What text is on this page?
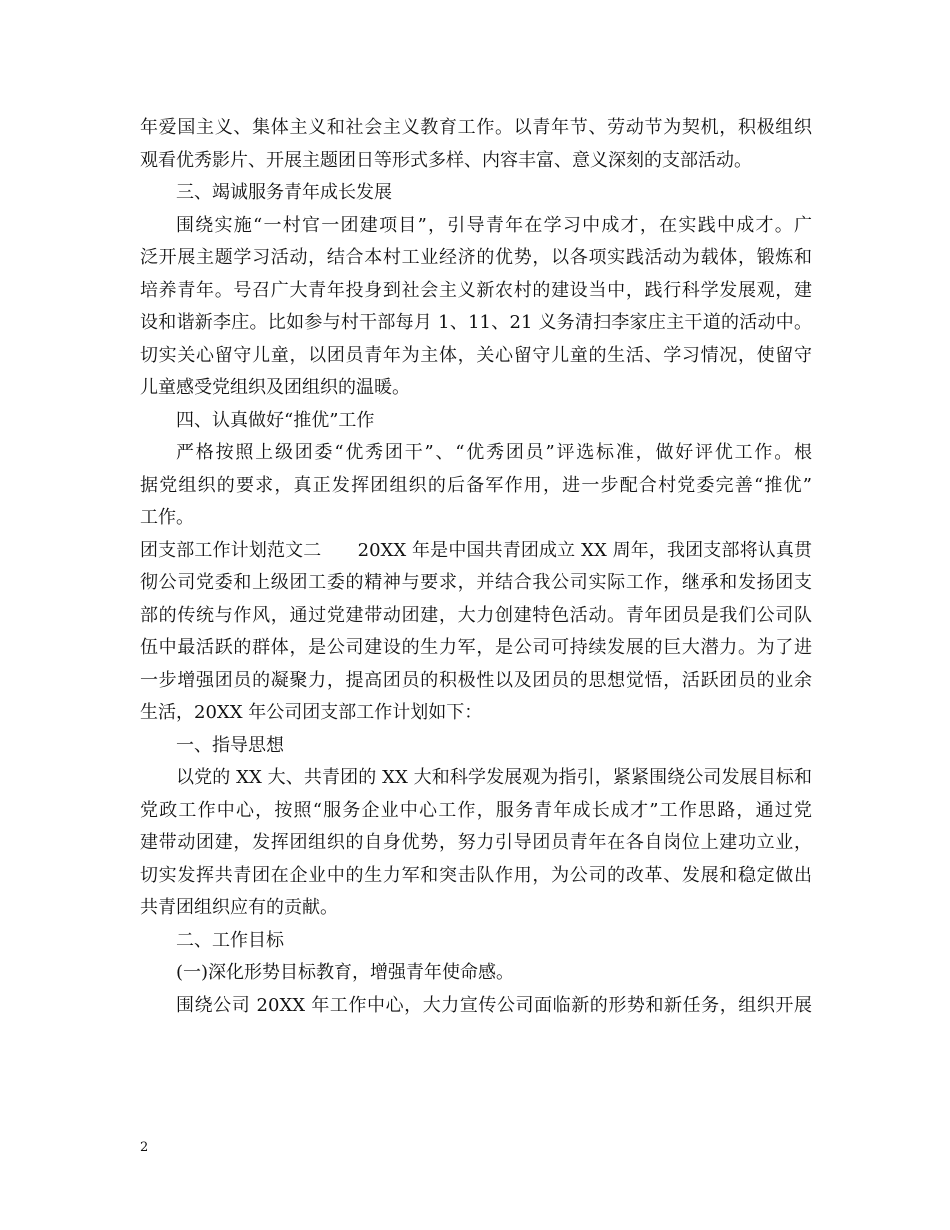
年爱国主义、集体主义和社会主义教育工作。以青年节、劳动节为契机，积极组织
观看优秀影片、开展主题团日等形式多样、内容丰富、意义深刻的支部活动。
三、竭诚服务青年成长发展
围绕实施“一村官一团建项目”，引导青年在学习中成才，在实践中成才。广
泛开展主题学习活动，结合本村工业经济的优势，以各项实践活动为载体，锻炼和
培养青年。号召广大青年投身到社会主义新农村的建设当中，践行科学发展观，建
设和谐新李庄。比如参与村干部每月 1、11、21 义务清扫李家庄主干道的活动中。
切实关心留守儿童，以团员青年为主体，关心留守儿童的生活、学习情况，使留守
儿童感受党组织及团组织的温暖。
四、认真做好“推优”工作
严格按照上级团委“优秀团干”、“优秀团员”评选标准，做好评优工作。根
据党组织的要求，真正发挥团组织的后备军作用，进一步配合村党委完善“推优”
工作。
团支部工作计划范文二　　20XX 年是中国共青团成立 XX 周年，我团支部将认真贯
彻公司党委和上级团工委的精神与要求，并结合我公司实际工作，继承和发扬团支
部的传统与作风，通过党建带动团建，大力创建特色活动。青年团员是我们公司队
伍中最活跃的群体，是公司建设的生力军，是公司可持续发展的巨大潜力。为了进
一步增强团员的凝聚力，提高团员的积极性以及团员的思想觉悟，活跃团员的业余
生活，20XX 年公司团支部工作计划如下：
一、指导思想
以党的 XX 大、共青团的 XX 大和科学发展观为指引，紧紧围绕公司发展目标和
党政工作中心，按照“服务企业中心工作，服务青年成长成才”工作思路，通过党
建带动团建，发挥团组织的自身优势，努力引导团员青年在各自岗位上建功立业，
切实发挥共青团在企业中的生力军和突击队作用，为公司的改革、发展和稳定做出
共青团组织应有的贡献。
二、工作目标
(一)深化形势目标教育，增强青年使命感。
围绕公司 20XX 年工作中心，大力宣传公司面临新的形势和新任务，组织开展
2
